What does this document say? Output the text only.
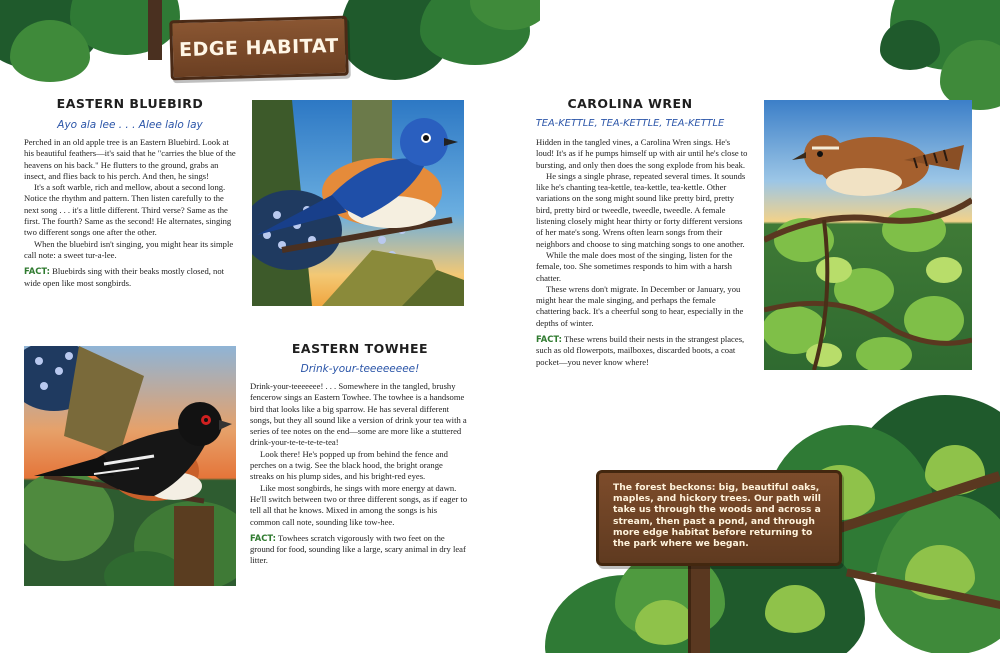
EDGE HABITAT
EASTERN BLUEBIRD
Ayo ala lee . . . Alee lalo lay

Perched in an old apple tree is an Eastern Bluebird. Look at his beautiful feathers—it's said that he "carries the blue of the heavens on his back." He flutters to the ground, grabs an insect, and flies back to his perch. And then, he sings!

It's a soft warble, rich and mellow, about a second long. Notice the rhythm and pattern. Then listen carefully to the next song . . . it's a little different. Third verse? Same as the first. The fourth? Same as the second! He alternates, singing two different songs one after the other.

When the bluebird isn't singing, you might hear its simple call note: a sweet tur-a-lee.

FACT: Bluebirds sing with their beaks mostly closed, not wide open like most songbirds.
EASTERN TOWHEE
Drink-your-teeeeeeee!

Drink-your-teeeeeee! . . . Somewhere in the tangled, brushy fencerow sings an Eastern Towhee. The towhee is a handsome bird that looks like a big sparrow. He has several different songs, but they all sound like a version of drink your tea with a series of tee notes on the end—some are more like a stuttered drink-your-te-te-te-te-tea!

Look there! He's popped up from behind the fence and perches on a twig. See the black hood, the bright orange streaks on his plump sides, and his bright-red eyes.

Like most songbirds, he sings with more energy at dawn. He'll switch between two or three different songs, as if eager to tell all that he knows. Mixed in among the songs is his common call note, sounding like tow-hee.

FACT: Towhees scratch vigorously with two feet on the ground for food, sounding like a large, scary animal in dry leaf litter.
CAROLINA WREN
TEA-KETTLE, TEA-KETTLE, TEA-KETTLE

Hidden in the tangled vines, a Carolina Wren sings. He's loud! It's as if he pumps himself up with air until he's close to bursting, and only then does the song explode from his beak.

He sings a single phrase, repeated several times. It sounds like he's chanting tea-kettle, tea-kettle, tea-kettle. Other variations on the song might sound like pretty bird, pretty bird, pretty bird or tweedle, tweedle, tweedle. A female listening closely might hear thirty or forty different versions of her mate's song. Wrens often learn songs from their neighbors and choose to sing matching songs to one another.

While the male does most of the singing, listen for the female, too. She sometimes responds to him with a harsh chatter.

These wrens don't migrate. In December or January, you might hear the male singing, and perhaps the female chattering back. It's a cheerful song to hear, especially in the depths of winter.

FACT: These wrens build their nests in the strangest places, such as old flowerpots, mailboxes, discarded boots, a coat pocket—you never know where!
The forest beckons: big, beautiful oaks, maples, and hickory trees. Our path will take us through the woods and across a stream, then past a pond, and through more edge habitat before returning to the park where we began.
